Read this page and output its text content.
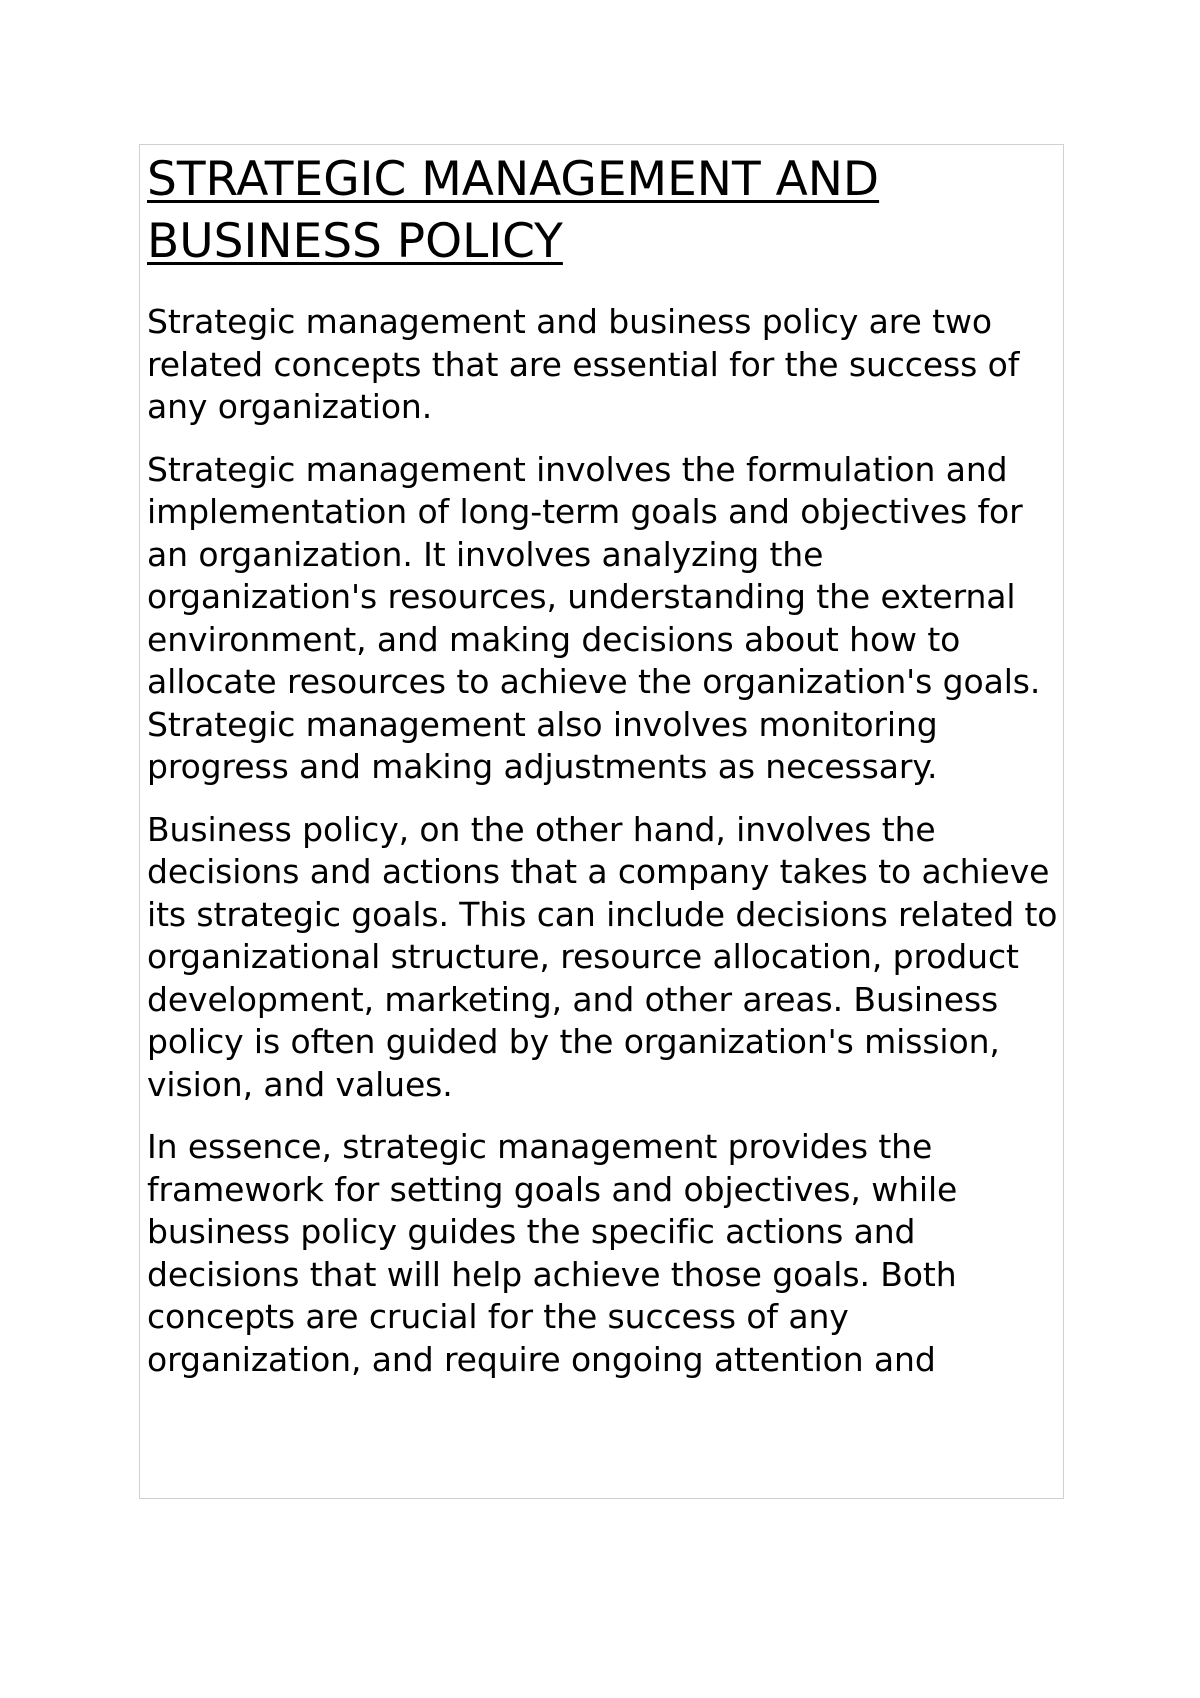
STRATEGIC MANAGEMENT AND BUSINESS POLICY

Strategic management and business policy are two related concepts that are essential for the success of any organization.

Strategic management involves the formulation and implementation of long-term goals and objectives for an organization. It involves analyzing the organization's resources, understanding the external environment, and making decisions about how to allocate resources to achieve the organization's goals. Strategic management also involves monitoring progress and making adjustments as necessary.

Business policy, on the other hand, involves the decisions and actions that a company takes to achieve its strategic goals. This can include decisions related to organizational structure, resource allocation, product development, marketing, and other areas. Business policy is often guided by the organization's mission, vision, and values.

In essence, strategic management provides the framework for setting goals and objectives, while business policy guides the specific actions and decisions that will help achieve those goals. Both concepts are crucial for the success of any organization, and require ongoing attention and
